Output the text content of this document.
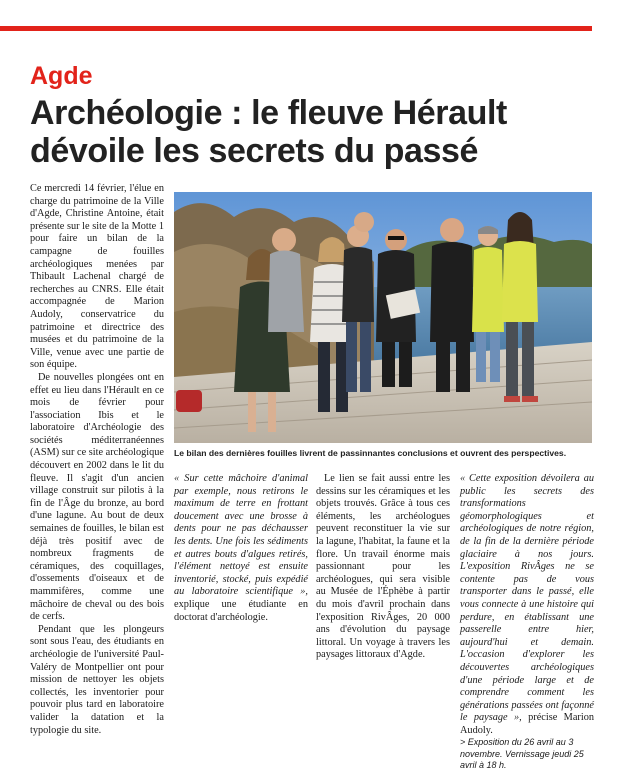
Agde
Archéologie : le fleuve Hérault
dévoile les secrets du passé

Ce mercredi 14 février, l'élue en charge du patrimoine de la Ville d'Agde, Christine Antoine, était présente sur le site de la Motte 1 pour faire un bilan de la campagne de fouilles archéologiques menées par Thibault Lachenal chargé de recherches au CNRS. Elle était accompagnée de Marion Audoly, conservatrice du patrimoine et directrice des musées et du patrimoine de la Ville, venue avec une partie de son équipe.

De nouvelles plongées ont en effet eu lieu dans l'Hérault en ce mois de février pour l'association Ibis et le laboratoire d'Archéologie des sociétés méditerranéennes (ASM) sur ce site archéologique découvert en 2002 dans le lit du fleuve. Il s'agit d'un ancien village construit sur pilotis à la fin de l'Âge du bronze, au bord d'une lagune. Au bout de deux semaines de fouilles, le bilan est déjà très positif avec de nombreux fragments de céramiques, des coquillages, d'ossements d'oiseaux et de mammifères, comme une mâchoire de cheval ou des bois de cerfs.

Pendant que les plongeurs sont sous l'eau, des étudiants en archéologie de l'université Paul-Valéry de Montpellier ont pour mission de nettoyer les objets collectés, les inventorier pour pouvoir plus tard en laboratoire valider la datation et la typologie du site.

Le bilan des dernières fouilles livrent de passinnantes conclusions et ouvrent des perspectives.

« Sur cette mâchoire d'animal par exemple, nous retirons le maximum de terre en frottant doucement avec une brosse à dents pour ne pas déchausser les dents. Une fois les sédiments et autres bouts d'algues retirés, l'élément nettoyé est ensuite inventorié, stocké, puis expédié au laboratoire scientifique », explique une étudiante en doctorat d'archéologie.

Le lien se fait aussi entre les dessins sur les céramiques et les objets trouvés. Grâce à tous ces éléments, les archéologues peuvent reconstituer la vie sur la lagune, l'habitat, la faune et la flore. Un travail énorme mais passionnant pour les archéologues, qui sera visible au Musée de l'Éphèbe à partir du mois d'avril prochain dans l'exposition RivÂges, 20 000 ans d'évolution du paysage littoral. Un voyage à travers les paysages littoraux d'Agde.

« Cette exposition dévoilera au public les secrets des transformations géomorphologiques et archéologiques de notre région, de la fin de la dernière période glaciaire à nos jours. L'exposition RivÂges ne se contente pas de vous transporter dans le passé, elle vous connecte à une histoire qui perdure, en établissant une passerelle entre hier, aujourd'hui et demain. L'occasion d'explorer les découvertes archéologiques d'une période large et de comprendre comment les générations passées ont façonné le paysage », précise Marion Audoly.

> Exposition du 26 avril au 3 novembre. Vernissage jeudi 25 avril à 18 h.
